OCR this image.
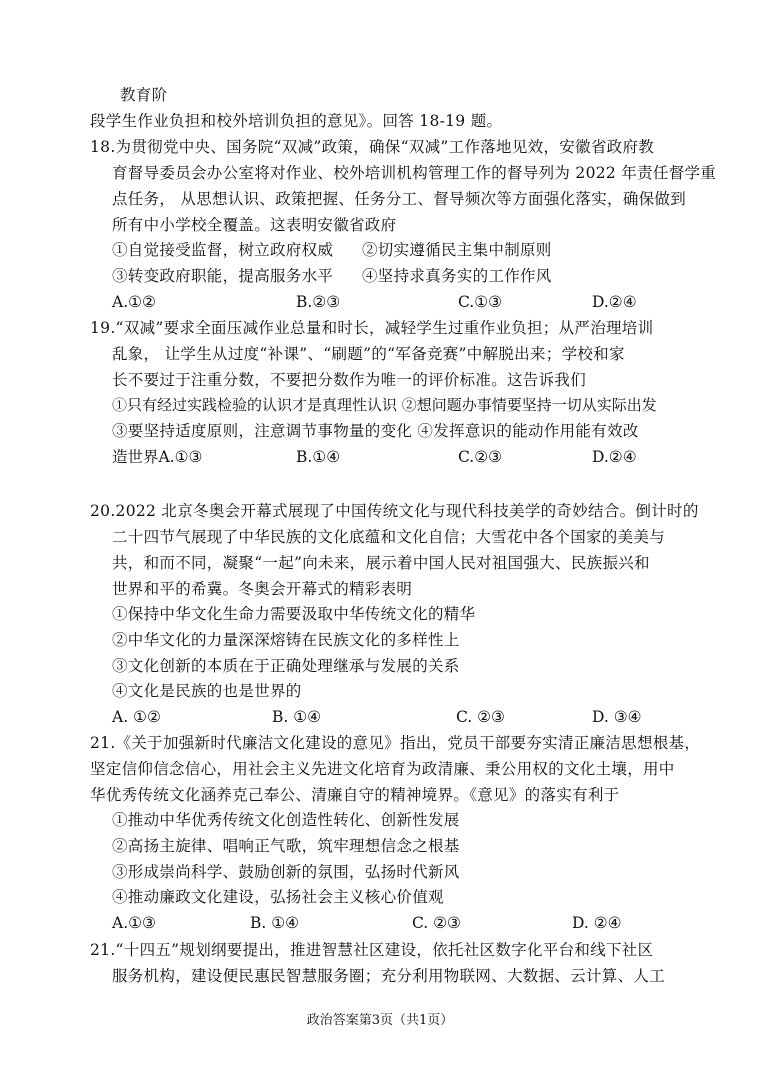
教育阶
段学生作业负担和校外培训负担的意见》。回答 18-19 题。
18.为贯彻党中央、国务院“双减”政策，确保“双减”工作落地见效，安徽省政府教
育督导委员会办公室将对作业、校外培训机构管理工作的督导列为 2022 年责任督学重
点任务， 从思想认识、政策把握、任务分工、督导频次等方面强化落实，确保做到
所有中小学校全覆盖。这表明安徽省政府
①自觉接受监督，树立政府权威 ②切实遵循民主集中制原则
③转变政府职能，提高服务水平 ④坚持求真务实的工作作风
A.①②	B.②③	C.①③	D.②④
19.“双减”要求全面压减作业总量和时长，减轻学生过重作业负担；从严治理培训
乱象， 让学生从过度“补课”、“刷题”的“军备竞赛”中解脱出来；学校和家
长不要过于注重分数，不要把分数作为唯一的评价标准。这告诉我们
①只有经过实践检验的认识才是真理性认识 ②想问题办事情要坚持一切从实际出发
③要坚持适度原则，注意调节事物量的变化 ④发挥意识的能动作用能有效改
造世界A.①③	B.①④	C.②③	D.②④
20.2022 北京冬奥会开幕式展现了中国传统文化与现代科技美学的奇妙结合。倒计时的
二十四节气展现了中华民族的文化底蕴和文化自信；大雪花中各个国家的美美与
共，和而不同，凝聚“一起”向未来，展示着中国人民对祖国强大、民族振兴和
世界和平的希冀。冬奥会开幕式的精彩表明
①保持中华文化生命力需要汲取中华传统文化的精华
②中华文化的力量深深熔铸在民族文化的多样性上
③文化创新的本质在于正确处理继承与发展的关系
④文化是民族的也是世界的
A. ①②	B. ①④	C. ②③	D. ③④
21.《关于加强新时代廉洁文化建设的意见》指出，党员干部要夯实清正廉洁思想根基，
坚定信仰信念信心，用社会主义先进文化培育为政清廉、秉公用权的文化土壤，用中
华优秀传统文化涵养克己奉公、清廉自守的精神境界。《意见》的落实有利于
①推动中华优秀传统文化创造性转化、创新性发展
②高扬主旋律、唱响正气歌，筑牢理想信念之根基
③形成崇尚科学、鼓励创新的氛围，弘扬时代新风
④推动廉政文化建设，弘扬社会主义核心价值观
A.①③	B. ①④	C. ②③	D. ②④
21.“十四五”规划纲要提出，推进智慧社区建设，依托社区数字化平台和线下社区
服务机构，建设便民惠民智慧服务圈；充分利用物联网、大数据、云计算、人工
政治答案第3页（共1页）
